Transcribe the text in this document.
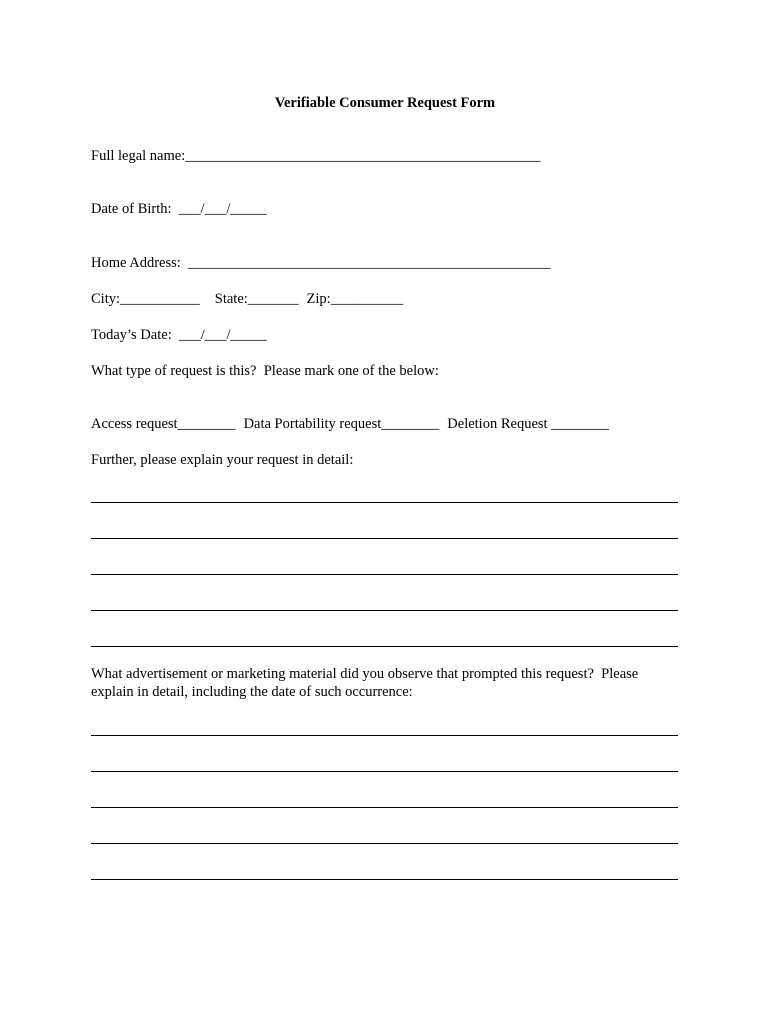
Verifiable Consumer Request Form
Full legal name:_________________________________________________
Date of Birth:  ___/___/_____
Home Address:  __________________________________________________
City:___________ State:_______ Zip:__________
Today’s Date:  ___/___/_____
What type of request is this?  Please mark one of the below:
Access request________ Data Portability request________ Deletion Request ________
Further, please explain your request in detail:
What advertisement or marketing material did you observe that prompted this request?  Please
explain in detail, including the date of such occurrence:
